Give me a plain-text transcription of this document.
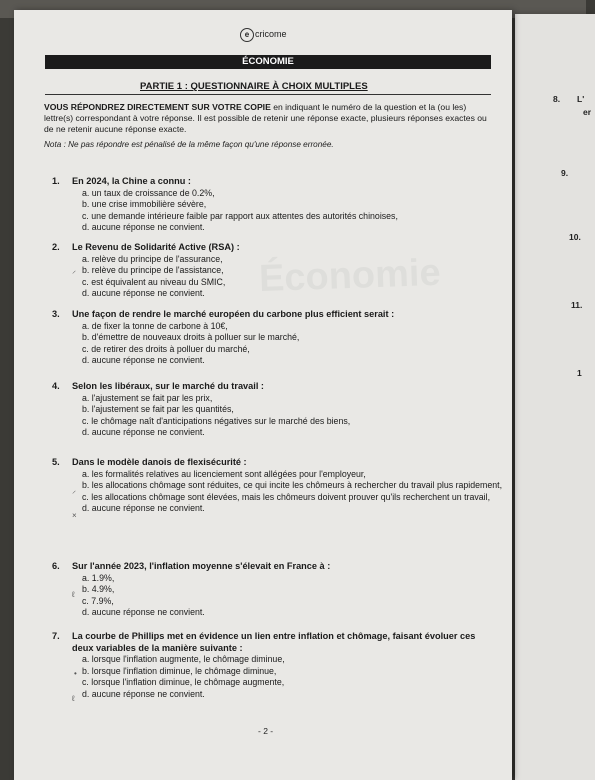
8. L'
er
9.
10.
11.
1
e cricome
ÉCONOMIE
PARTIE 1 : QUESTIONNAIRE À CHOIX MULTIPLES
VOUS RÉPONDREZ DIRECTEMENT SUR VOTRE COPIE en indiquant le numéro de la question et la (ou les) lettre(s) correspondant à votre réponse. Il est possible de retenir une réponse exacte, plusieurs réponses exactes ou de ne retenir aucune réponse exacte.
Nota : Ne pas répondre est pénalisé de la même façon qu'une réponse erronée.
1.	En 2024, la Chine a connu :
a. un taux de croissance de 0.2%,
b. une crise immobilière sévère,
c. une demande intérieure faible par rapport aux attentes des autorités chinoises,
d. aucune réponse ne convient.
2.	Le Revenu de Solidarité Active (RSA) :
a. relève du principe de l'assurance,
b. relève du principe de l'assistance,
c. est équivalent au niveau du SMIC,
d. aucune réponse ne convient.
3.	Une façon de rendre le marché européen du carbone plus efficient serait :
a. de fixer la tonne de carbone à 10€,
b. d'émettre de nouveaux droits à polluer sur le marché,
c. de retirer des droits à polluer du marché,
d. aucune réponse ne convient.
4.	Selon les libéraux, sur le marché du travail :
a. l'ajustement se fait par les prix,
b. l'ajustement se fait par les quantités,
c. le chômage naît d'anticipations négatives sur le marché des biens,
d. aucune réponse ne convient.
5.	Dans le modèle danois de flexisécurité :
a. les formalités relatives au licenciement sont allégées pour l'employeur,
b. les allocations chômage sont réduites, ce qui incite les chômeurs à rechercher du travail plus rapidement,
c. les allocations chômage sont élevées, mais les chômeurs doivent prouver qu'ils recherchent un travail,
d. aucune réponse ne convient.
6.	Sur l'année 2023, l'inflation moyenne s'élevait en France à :
a. 1.9%,
b. 4.9%,
c. 7.9%,
d. aucune réponse ne convient.
7.	La courbe de Phillips met en évidence un lien entre inflation et chômage, faisant évoluer ces deux variables de la manière suivante :
a. lorsque l'inflation augmente, le chômage diminue,
b. lorsque l'inflation diminue, le chômage diminue,
c. lorsque l'inflation diminue, le chômage augmente,
d. aucune réponse ne convient.
⸝
⸝
×
ℓ
•
ℓ
- 2 -
